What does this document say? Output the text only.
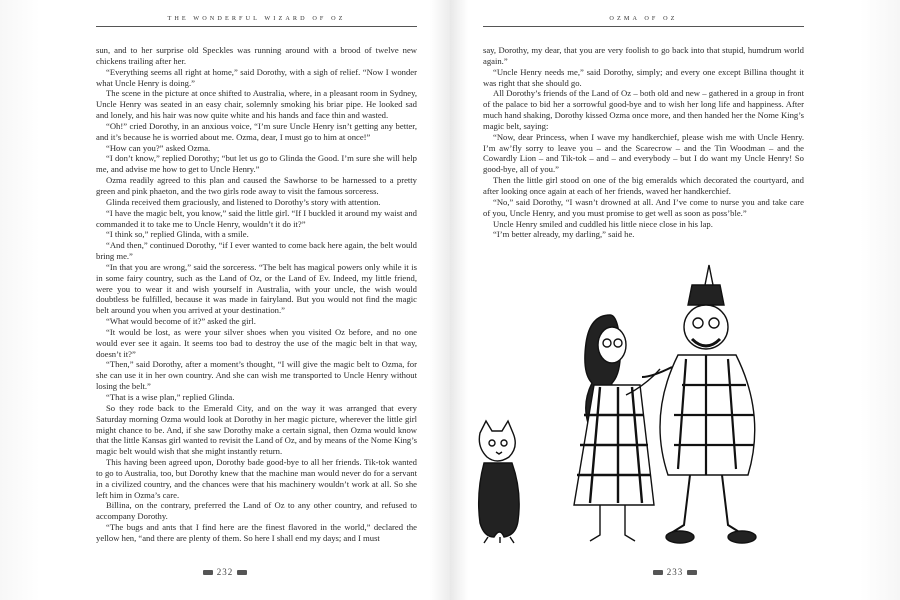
THE WONDERFUL WIZARD OF OZ

sun, and to her surprise old Speckles was running around with a brood of twelve new chickens trailing after her.

“Everything seems all right at home,” said Dorothy, with a sigh of relief. “Now I wonder what Uncle Henry is doing.”

The scene in the picture at once shifted to Australia, where, in a pleasant room in Sydney, Uncle Henry was seated in an easy chair, solemnly smoking his briar pipe. He looked sad and lonely, and his hair was now quite white and his hands and face thin and wasted.

“Oh!” cried Dorothy, in an anxious voice, “I’m sure Uncle Henry isn’t getting any better, and it’s because he is worried about me. Ozma, dear, I must go to him at once!”

“How can you?” asked Ozma.

“I don’t know,” replied Dorothy; “but let us go to Glinda the Good. I’m sure she will help me, and advise me how to get to Uncle Henry.”

Ozma readily agreed to this plan and caused the Sawhorse to be harnessed to a pretty green and pink phaeton, and the two girls rode away to visit the famous sorceress.

Glinda received them graciously, and listened to Dorothy’s story with attention.

“I have the magic belt, you know,” said the little girl. “If I buckled it around my waist and commanded it to take me to Uncle Henry, wouldn’t it do it?”

“I think so,” replied Glinda, with a smile.

“And then,” continued Dorothy, “if I ever wanted to come back here again, the belt would bring me.”

“In that you are wrong,” said the sorceress. “The belt has magical powers only while it is in some fairy country, such as the Land of Oz, or the Land of Ev. Indeed, my little friend, were you to wear it and wish yourself in Australia, with your uncle, the wish would doubtless be fulfilled, because it was made in fairyland. But you would not find the magic belt around you when you arrived at your destination.”

“What would become of it?” asked the girl.

“It would be lost, as were your silver shoes when you visited Oz before, and no one would ever see it again. It seems too bad to destroy the use of the magic belt in that way, doesn’t it?”

“Then,” said Dorothy, after a moment’s thought, “I will give the magic belt to Ozma, for she can use it in her own country. And she can wish me transported to Uncle Henry without losing the belt.”

“That is a wise plan,” replied Glinda.

So they rode back to the Emerald City, and on the way it was arranged that every Saturday morning Ozma would look at Dorothy in her magic picture, wherever the little girl might chance to be. And, if she saw Dorothy make a certain signal, then Ozma would know that the little Kansas girl wanted to revisit the Land of Oz, and by means of the Nome King’s magic belt would wish that she might instantly return.

This having been agreed upon, Dorothy bade good-bye to all her friends. Tik-tok wanted to go to Australia, too, but Dorothy knew that the machine man would never do for a servant in a civilized country, and the chances were that his machinery wouldn’t work at all. So she left him in Ozma’s care.

Billina, on the contrary, preferred the Land of Oz to any other country, and refused to accompany Dorothy.

“The bugs and ants that I find here are the finest flavored in the world,” declared the yellow hen, “and there are plenty of them. So here I shall end my days; and I must

232
OZMA OF OZ

say, Dorothy, my dear, that you are very foolish to go back into that stupid, humdrum world again.”

“Uncle Henry needs me,” said Dorothy, simply; and every one except Billina thought it was right that she should go.

All Dorothy’s friends of the Land of Oz – both old and new – gathered in a group in front of the palace to bid her a sorrowful good-bye and to wish her long life and happiness. After much hand shaking, Dorothy kissed Ozma once more, and then handed her the Nome King’s magic belt, saying:

“Now, dear Princess, when I wave my handkerchief, please wish me with Uncle Henry. I’m aw’fly sorry to leave you – and the Scarecrow – and the Tin Woodman – and the Cowardly Lion – and Tik-tok – and – and everybody – but I do want my Uncle Henry! So good-bye, all of you.”

Then the little girl stood on one of the big emeralds which decorated the courtyard, and after looking once again at each of her friends, waved her handkerchief.

“No,” said Dorothy, “I wasn’t drowned at all. And I’ve come to nurse you and take care of you, Uncle Henry, and you must promise to get well as soon as poss’ble.”

Uncle Henry smiled and cuddled his little niece close in his lap.

“I’m better already, my darling,” said he.

233
